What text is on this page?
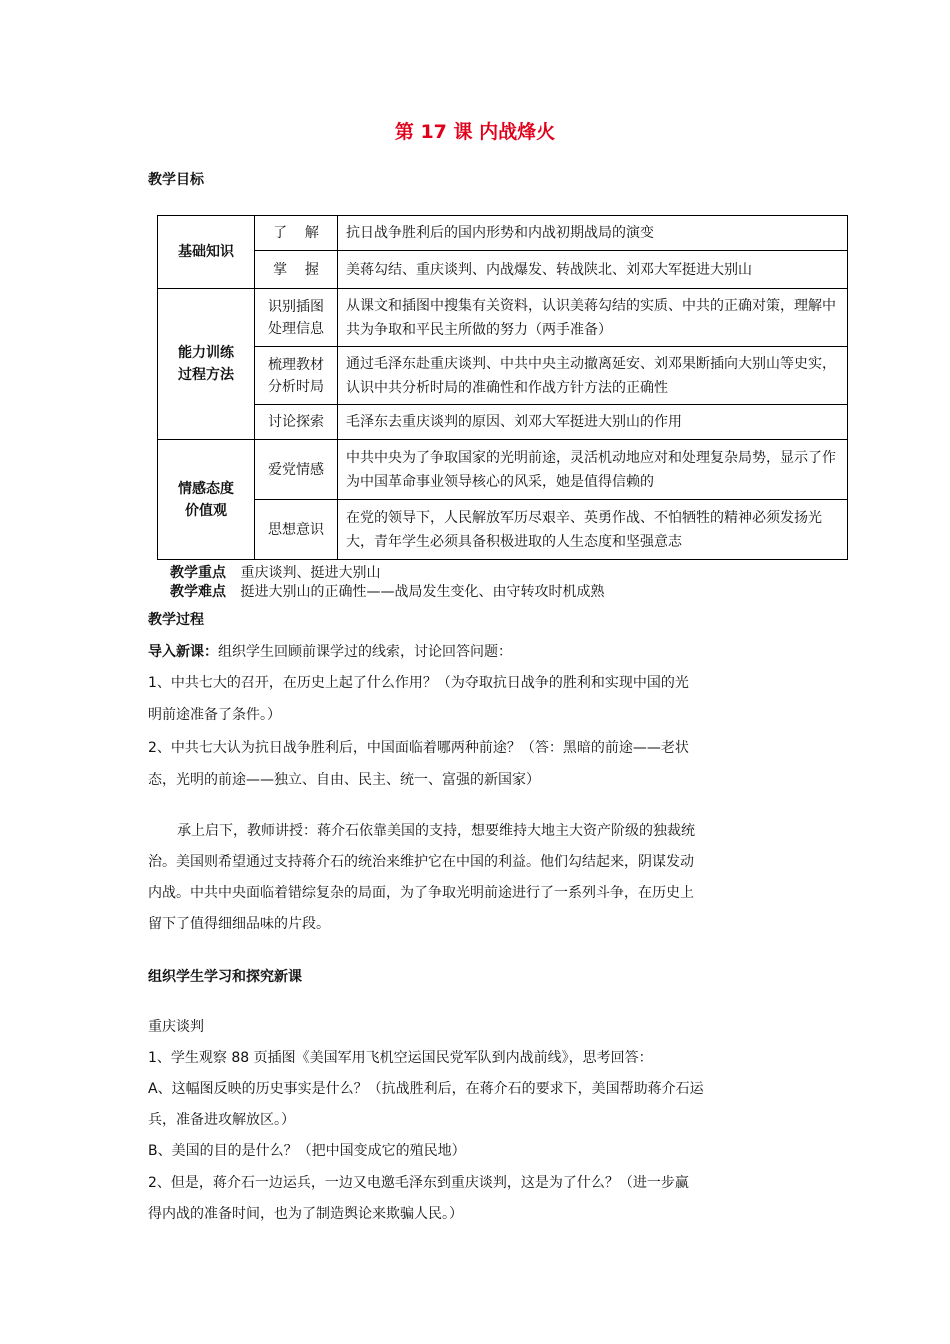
第 17 课 内战烽火
教学目标
基础知识	了    解	抗日战争胜利后的国内形势和内战初期战局的演变
	掌    握	美蒋勾结、重庆谈判、内战爆发、转战陕北、刘邓大军挺进大别山

能力训练过程方法	识别插图处理信息	从课文和插图中搜集有关资料，认识美蒋勾结的实质、中共的正确对策，理解中共为争取和平民主所做的努力（两手准备）

	梳理教材分析时局	通过毛泽东赴重庆谈判、中共中央主动撤离延安、刘邓果断插向大别山等史实，认识中共分析时局的准确性和作战方针方法的正确性
	讨论探索	毛泽东去重庆谈判的原因、刘邓大军挺进大别山的作用

情感态度价值观	爱党情感	中共中央为了争取国家的光明前途，灵活机动地应对和处理复杂局势，显示了作为中国革命事业领导核心的风采，她是值得信赖的
	思想意识	在党的领导下，人民解放军历尽艰辛、英勇作战、不怕牺牲的精神必须发扬光大，青年学生必须具备积极进取的人生态度和坚强意志
教学重点 重庆谈判、挺进大别山
教学难点 挺进大别山的正确性——战局发生变化、由守转攻时机成熟
教学过程
导入新课：组织学生回顾前课学过的线索，讨论回答问题：
1、中共七大的召开，在历史上起了什么作用？（为夺取抗日战争的胜利和实现中国的光
明前途准备了条件。）
2、中共七大认为抗日战争胜利后，中国面临着哪两种前途？（答：黑暗的前途——老状
态，光明的前途——独立、自由、民主、统一、富强的新国家）
承上启下，教师讲授：蒋介石依靠美国的支持，想要维持大地主大资产阶级的独裁统
治。美国则希望通过支持蒋介石的统治来维护它在中国的利益。他们勾结起来，阴谋发动
内战。中共中央面临着错综复杂的局面，为了争取光明前途进行了一系列斗争，在历史上
留下了值得细细品味的片段。
组织学生学习和探究新课
重庆谈判
1、学生观察 88 页插图《美国军用飞机空运国民党军队到内战前线》，思考回答：
A、这幅图反映的历史事实是什么？（抗战胜利后，在蒋介石的要求下，美国帮助蒋介石运
兵，准备进攻解放区。）
B、美国的目的是什么？（把中国变成它的殖民地）
2、但是，蒋介石一边运兵，一边又电邀毛泽东到重庆谈判，这是为了什么？（进一步赢
得内战的准备时间，也为了制造舆论来欺骗人民。）
